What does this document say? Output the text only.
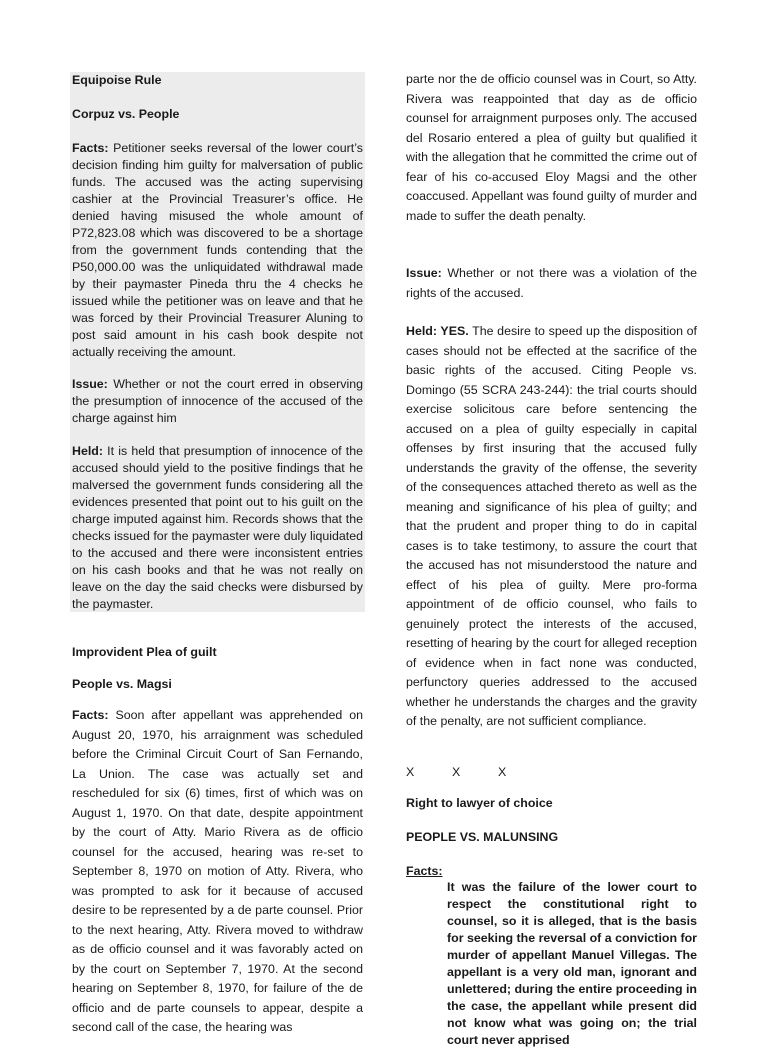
Equipoise Rule

Corpuz vs. People

Facts: Petitioner seeks reversal of the lower court’s decision finding him guilty for malversation of public funds. The accused was the acting supervising cashier at the Provincial Treasurer’s office. He denied having misused the whole amount of P72,823.08 which was discovered to be a shortage from the government funds contending that the P50,000.00 was the unliquidated withdrawal made by their paymaster Pineda thru the 4 checks he issued while the petitioner was on leave and that he was forced by their Provincial Treasurer Aluning to post said amount in his cash book despite not actually receiving the amount.

Issue: Whether or not the court erred in observing the presumption of innocence of the accused of the charge against him

Held: It is held that presumption of innocence of the accused should yield to the positive findings that he malversed the government funds considering all the evidences presented that point out to his guilt on the charge imputed against him. Records shows that the checks issued for the paymaster were duly liquidated to the accused and there were inconsistent entries on his cash books and that he was not really on leave on the day the said checks were disbursed by the paymaster.

Improvident Plea of guilt

People vs. Magsi

Facts: Soon after appellant was apprehended on August 20, 1970, his arraignment was scheduled before the Criminal Circuit Court of San Fernando, La Union. The case was actually set and rescheduled for six (6) times, first of which was on August 1, 1970. On that date, despite appointment by the court of Atty. Mario Rivera as de officio counsel for the accused, hearing was re-set to September 8, 1970 on motion of Atty. Rivera, who was prompted to ask for it because of accused desire to be represented by a de parte counsel. Prior to the next hearing, Atty. Rivera moved to withdraw as de officio counsel and it was favorably acted on by the court on September 7, 1970. At the second hearing on September 8, 1970, for failure of the de officio and de parte counsels to appear, despite a second call of the case, the hearing was

parte nor the de officio counsel was in Court, so Atty. Rivera was reappointed that day as de officio counsel for arraignment purposes only. The accused del Rosario entered a plea of guilty but qualified it with the allegation that he committed the crime out of fear of his co-accused Eloy Magsi and the other coaccused. Appellant was found guilty of murder and made to suffer the death penalty.

Issue: Whether or not there was a violation of the rights of the accused.

Held: YES. The desire to speed up the disposition of cases should not be effected at the sacrifice of the basic rights of the accused. Citing People vs. Domingo (55 SCRA 243-244): the trial courts should exercise solicitous care before sentencing the accused on a plea of guilty especially in capital offenses by first insuring that the accused fully understands the gravity of the offense, the severity of the consequences attached thereto as well as the meaning and significance of his plea of guilty; and that the prudent and proper thing to do in capital cases is to take testimony, to assure the court that the accused has not misunderstood the nature and effect of his plea of guilty. Mere pro-forma appointment of de officio counsel, who fails to genuinely protect the interests of the accused, resetting of hearing by the court for alleged reception of evidence when in fact none was conducted, perfunctory queries addressed to the accused whether he understands the charges and the gravity of the penalty, are not sufficient compliance.

X	X	X

Right to lawyer of choice

PEOPLE VS. MALUNSING

Facts:

It was the failure of the lower court to respect the constitutional right to counsel, so it is alleged, that is the basis for seeking the reversal of a conviction for murder of appellant Manuel Villegas. The appellant is a very old man, ignorant and unlettered; during the entire proceeding in the case, the appellant while present did not know what was going on; the trial court never apprised
